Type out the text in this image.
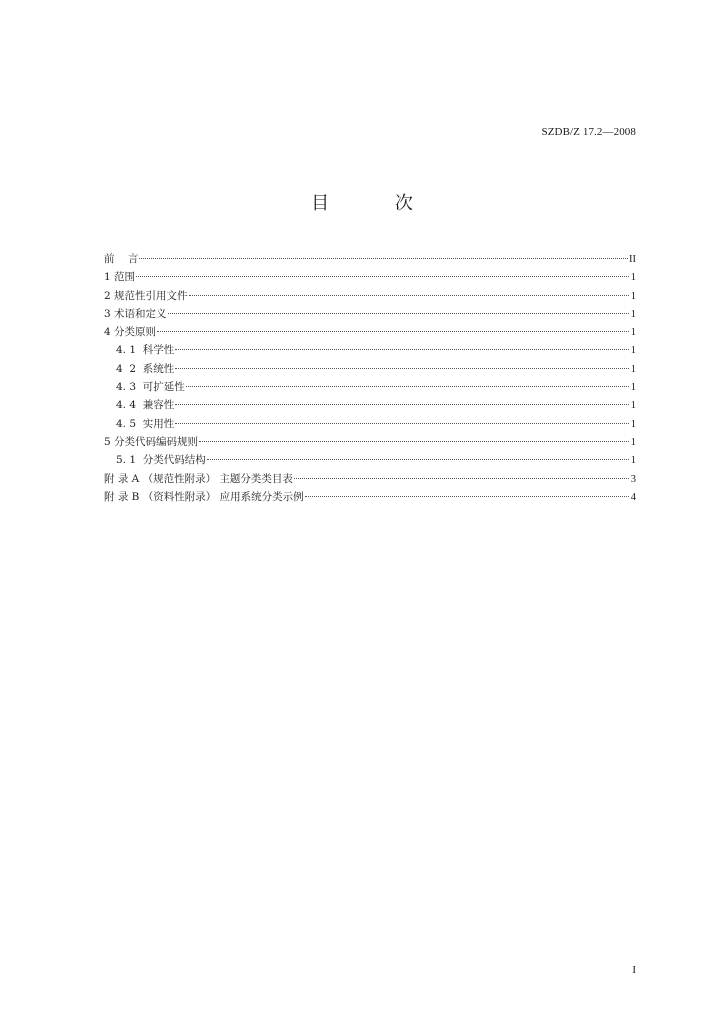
SZDB/Z 17.2—2008
目 次
前    言	II
1 范围	1
2 规范性引用文件	1
3 术语和定义	1
4 分类原则	1
4. 1  科学性	1
4  2  系统性	1
4. 3  可扩延性	1
4. 4  兼容性	1
4. 5  实用性	1
5 分类代码编码规则	1
5. 1  分类代码结构	1
附 录 A （规范性附录） 主题分类类目表	3
附 录 B （资料性附录） 应用系统分类示例	4
I
